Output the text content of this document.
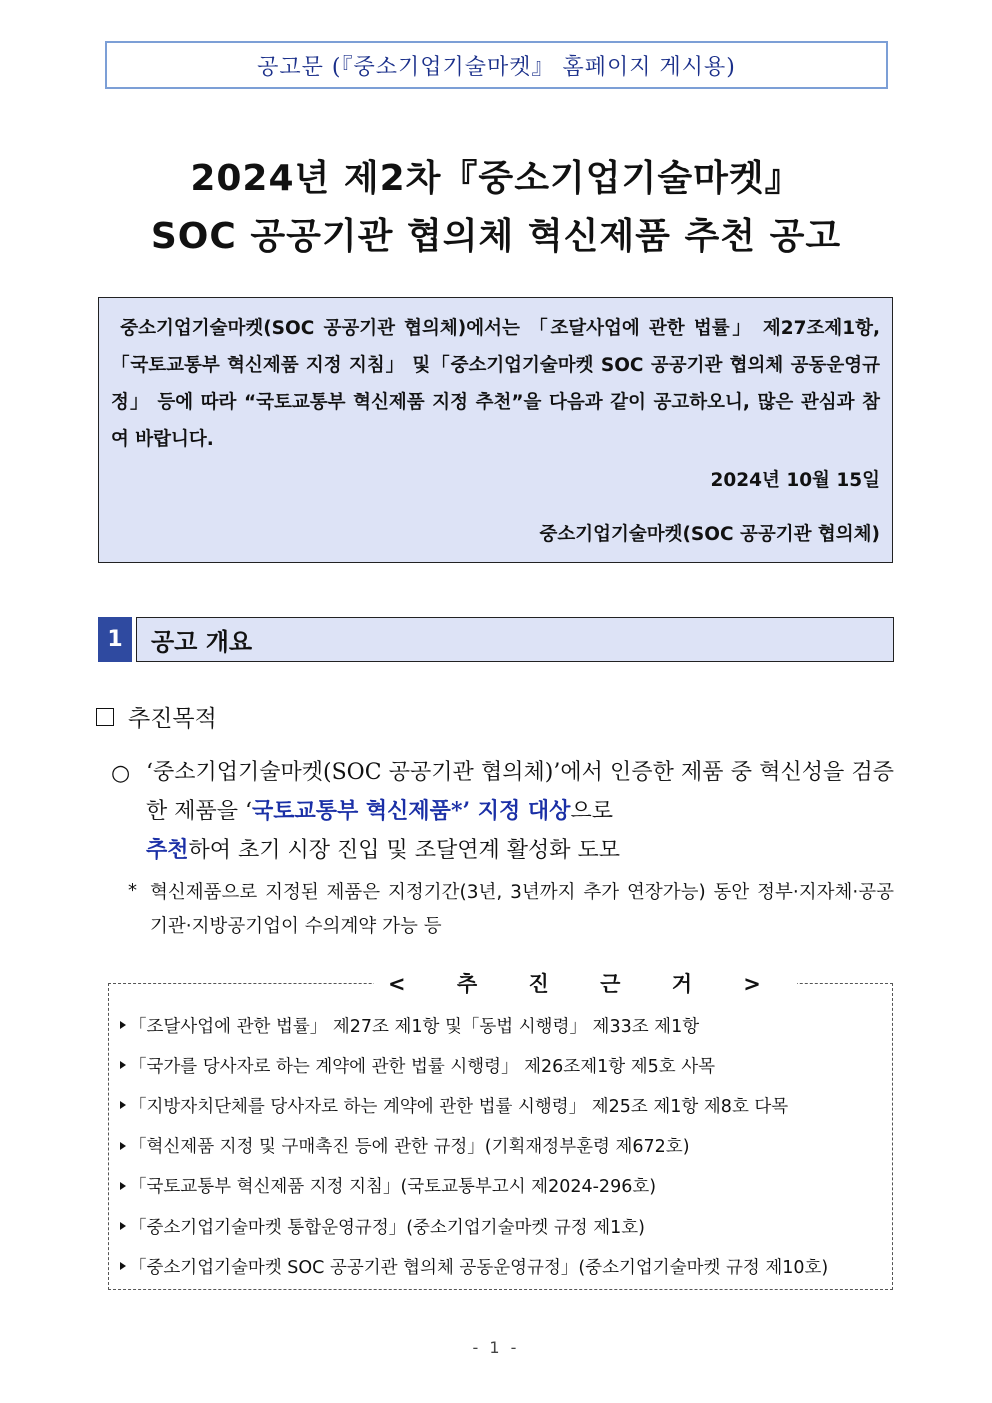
공고문 (『중소기업기술마켓』 홈페이지 게시용)
2024년 제2차『중소기업기술마켓』
SOC 공공기관 협의체 혁신제품 추천 공고

중소기업기술마켓(SOC 공공기관 협의체)에서는 「조달사업에 관한 법률」 제27조제1항,「국토교통부 혁신제품 지정 지침」 및「중소기업기술마켓 SOC 공공기관 협의체 공동운영규정」 등에 따라 “국토교통부 혁신제품 지정 추천”을 다음과 같이 공고하오니, 많은 관심과 참여 바랍니다.

2024년 10월 15일
중소기업기술마켓(SOC 공공기관 협의체)
1	공고 개요
추진목적
○ ‘중소기업기술마켓(SOC 공공기관 협의체)’에서 인증한 제품 중 혁신성을 검증한 제품을 ‘국토교통부 혁신제품*’ 지정 대상으로
추천하여 초기 시장 진입 및 조달연계 활성화 도모
* 혁신제품으로 지정된 제품은 지정기간(3년, 3년까지 추가 연장가능) 동안 정부·지자체·공공기관·지방공기업이 수의계약 가능 등
< 추 진 근 거 >
「조달사업에 관한 법률」 제27조 제1항 및「동법 시행령」 제33조 제1항
「국가를 당사자로 하는 계약에 관한 법률 시행령」 제26조제1항 제5호 사목
「지방자치단체를 당사자로 하는 계약에 관한 법률 시행령」 제25조 제1항 제8호 다목
「혁신제품 지정 및 구매촉진 등에 관한 규정」(기획재정부훈령 제672호)
「국토교통부 혁신제품 지정 지침」(국토교통부고시 제2024-296호)
「중소기업기술마켓 통합운영규정」(중소기업기술마켓 규정 제1호)
「중소기업기술마켓 SOC 공공기관 협의체 공동운영규정」(중소기업기술마켓 규정 제10호)
- 1 -
